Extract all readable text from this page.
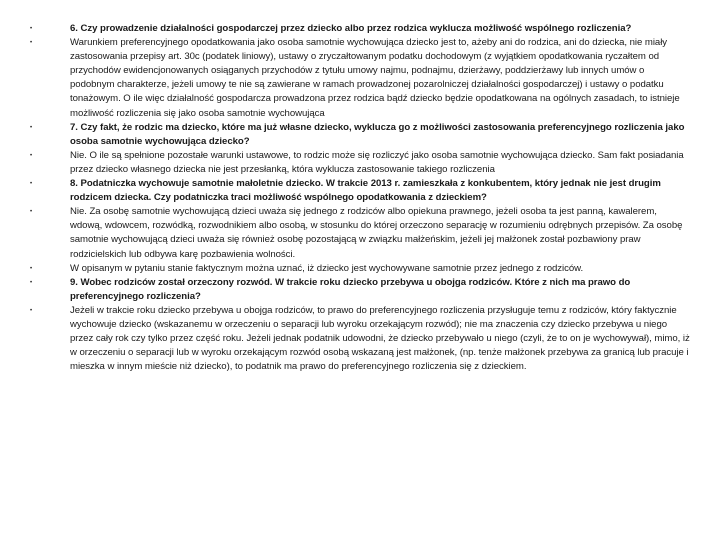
•	6. Czy prowadzenie działalności gospodarczej przez dziecko albo przez rodzica wyklucza możliwość wspólnego rozliczenia?
•	Warunkiem preferencyjnego opodatkowania jako osoba samotnie wychowująca dziecko jest to, ażeby ani do rodzica, ani do dziecka, nie miały zastosowania przepisy art. 30c (podatek liniowy), ustawy o zryczałtowanym podatku dochodowym (z wyjątkiem opodatkowania ryczałtem od przychodów ewidencjonowanych osiąganych przychodów z tytułu umowy najmu, podnajmu, dzierżawy, poddzierżawy lub innych umów o podobnym charakterze, jeżeli umowy te nie są zawierane w ramach prowadzonej pozarolniczej działalności gospodarczej) i ustawy o podatku tonażowym. O ile więc działalność gospodarcza prowadzona przez rodzica bądź dziecko będzie opodatkowana na ogólnych zasadach, to istnieje możliwość rozliczenia się jako osoba samotnie wychowująca
•	7. Czy fakt, że rodzic ma dziecko, które ma już własne dziecko, wyklucza go z możliwości zastosowania preferencyjnego rozliczenia jako osoba samotnie wychowująca dziecko?
•	Nie. O ile są spełnione pozostałe warunki ustawowe, to rodzic może się rozliczyć jako osoba samotnie wychowująca dziecko. Sam fakt posiadania przez dziecko własnego dziecka nie jest przesłanką, która wyklucza zastosowanie takiego rozliczenia
•	8. Podatniczka wychowuje samotnie małoletnie dziecko. W trakcie 2013 r. zamieszkała z konkubentem, który jednak nie jest drugim rodzicem dziecka. Czy podatniczka traci możliwość wspólnego opodatkowania z dzieckiem?
•	Nie. Za osobę samotnie wychowującą dzieci uważa się jednego z rodziców albo opiekuna prawnego, jeżeli osoba ta jest panną, kawalerem, wdową, wdowcem, rozwódką, rozwodnikiem albo osobą, w stosunku do której orzeczono separację w rozumieniu odrębnych przepisów. Za osobę samotnie wychowującą dzieci uważa się również osobę pozostającą w związku małżeńskim, jeżeli jej małżonek został pozbawiony praw rodzicielskich lub odbywa karę pozbawienia wolności.
•	W opisanym w pytaniu stanie faktycznym można uznać, iż dziecko jest wychowywane samotnie przez jednego z rodziców.
•	9. Wobec rodziców został orzeczony rozwód. W trakcie roku dziecko przebywa u obojga rodziców. Które z nich ma prawo do preferencyjnego rozliczenia?
•	Jeżeli w trakcie roku dziecko przebywa u obojga rodziców, to prawo do preferencyjnego rozliczenia przysługuje temu z rodziców, który faktycznie wychowuje dziecko (wskazanemu w orzeczeniu o separacji lub wyroku orzekającym rozwód); nie ma znaczenia czy dziecko przebywa u niego przez cały rok czy tylko przez część roku. Jeżeli jednak podatnik udowodni, że dziecko przebywało u niego (czyli, że to on je wychowywał), mimo, iż w orzeczeniu o separacji lub w wyroku orzekającym rozwód osobą wskazaną jest małżonek, (np. tenże małżonek przebywa za granicą lub pracuje i mieszka w innym mieście niż dziecko), to podatnik ma prawo do preferencyjnego rozliczenia się z dzieckiem.
